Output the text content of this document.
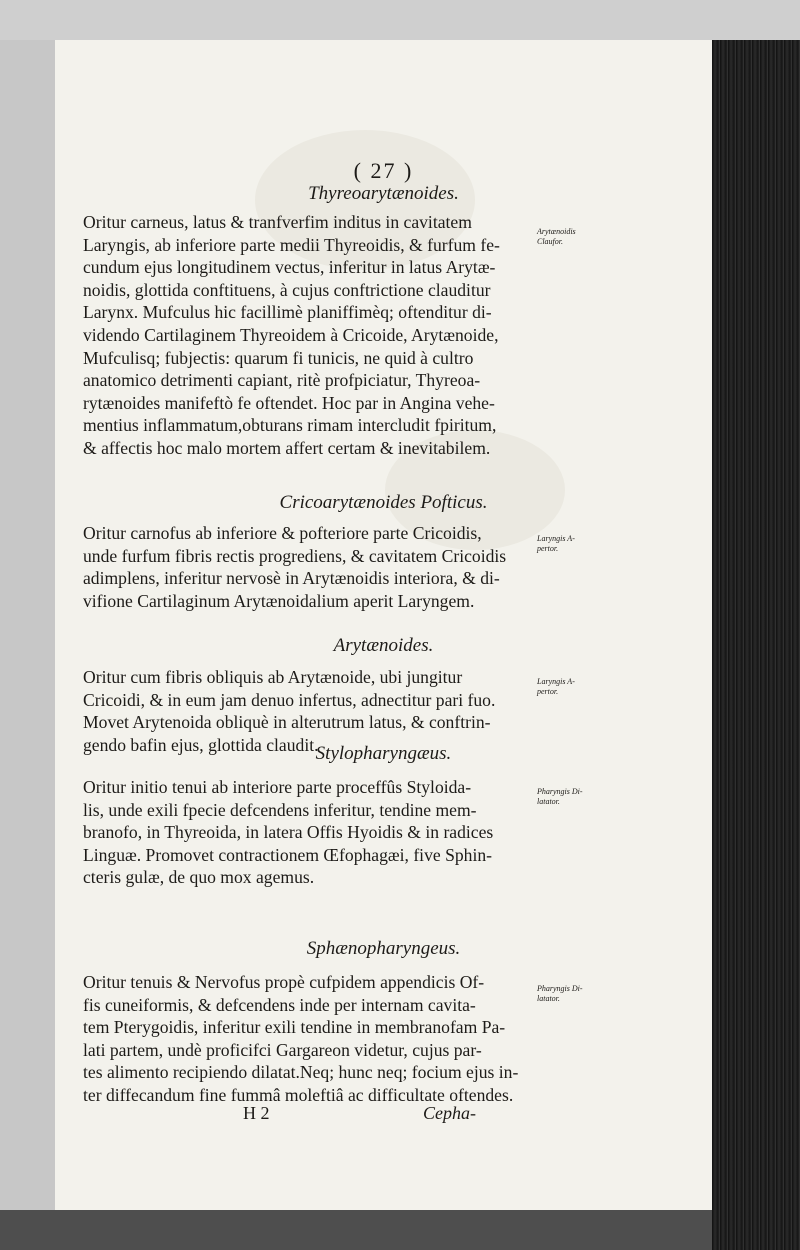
( 27 )
Thyreoarytænoides.
Oritur carneus, latus & tranfverfim inditus in cavitatem
Laryngis, ab inferiore parte medii Thyreoidis, & furfum fe-
cundum ejus longitudinem vectus, inferitur in latus Arytæ-
noidis, glottida conftituens, à cujus conftrictione clauditur
Larynx. Mufculus hic facillimè planiffimèq; oftenditur di-
videndo Cartilaginem Thyreoidem à Cricoide, Arytænoide,
Mufculisq; fubjectis: quarum fi tunicis, ne quid à cultro
anatomico detrimenti capiant, ritè profpiciatur, Thyreoa-
rytænoides manifeftò fe oftendet. Hoc par in Angina vehe-
mentius inflammatum,obturans rimam intercludit fpiritum,
& affectis hoc malo mortem affert certam & inevitabilem.
Arytænoidis
Claufor.
Cricoarytænoides Pofticus.
Oritur carnofus ab inferiore & pofteriore parte Cricoidis,
unde furfum fibris rectis progrediens, & cavitatem Cricoidis
adimplens, inferitur nervosè in Arytænoidis interiora, & di-
vifione Cartilaginum Arytænoidalium aperit Laryngem.
Laryngis A-
pertor.
Arytænoides.
Oritur cum fibris obliquis ab Arytænoide, ubi jungitur
Cricoidi, & in eum jam denuo infertus, adnectitur pari fuo.
Movet Arytenoida obliquè in alterutrum latus, & conftrin-
gendo bafin ejus, glottida claudit.
Laryngis A-
pertor.
Stylopharyngæus.
Oritur initio tenui ab interiore parte proceffûs Styloida-
lis, unde exili fpecie defcendens inferitur, tendine mem-
branofo, in Thyreoida, in latera Offis Hyoidis & in radices
Linguæ. Promovet contractionem Œfophagæi, five Sphin-
cteris gulæ, de quo mox agemus.
Pharyngis Di-
latator.
Sphænopharyngeus.
Oritur tenuis & Nervofus propè cufpidem appendicis Of-
fis cuneiformis, & defcendens inde per internam cavita-
tem Pterygoidis, inferitur exili tendine in membranofam Pa-
lati partem, undè proficifci Gargareon videtur, cujus par-
tes alimento recipiendo dilatat.Neq; hunc neq; focium ejus in-
ter diffecandum fine fummâ moleftiâ ac difficultate oftendes.
Pharyngis Di-
latator.
H 2	Cepha-
